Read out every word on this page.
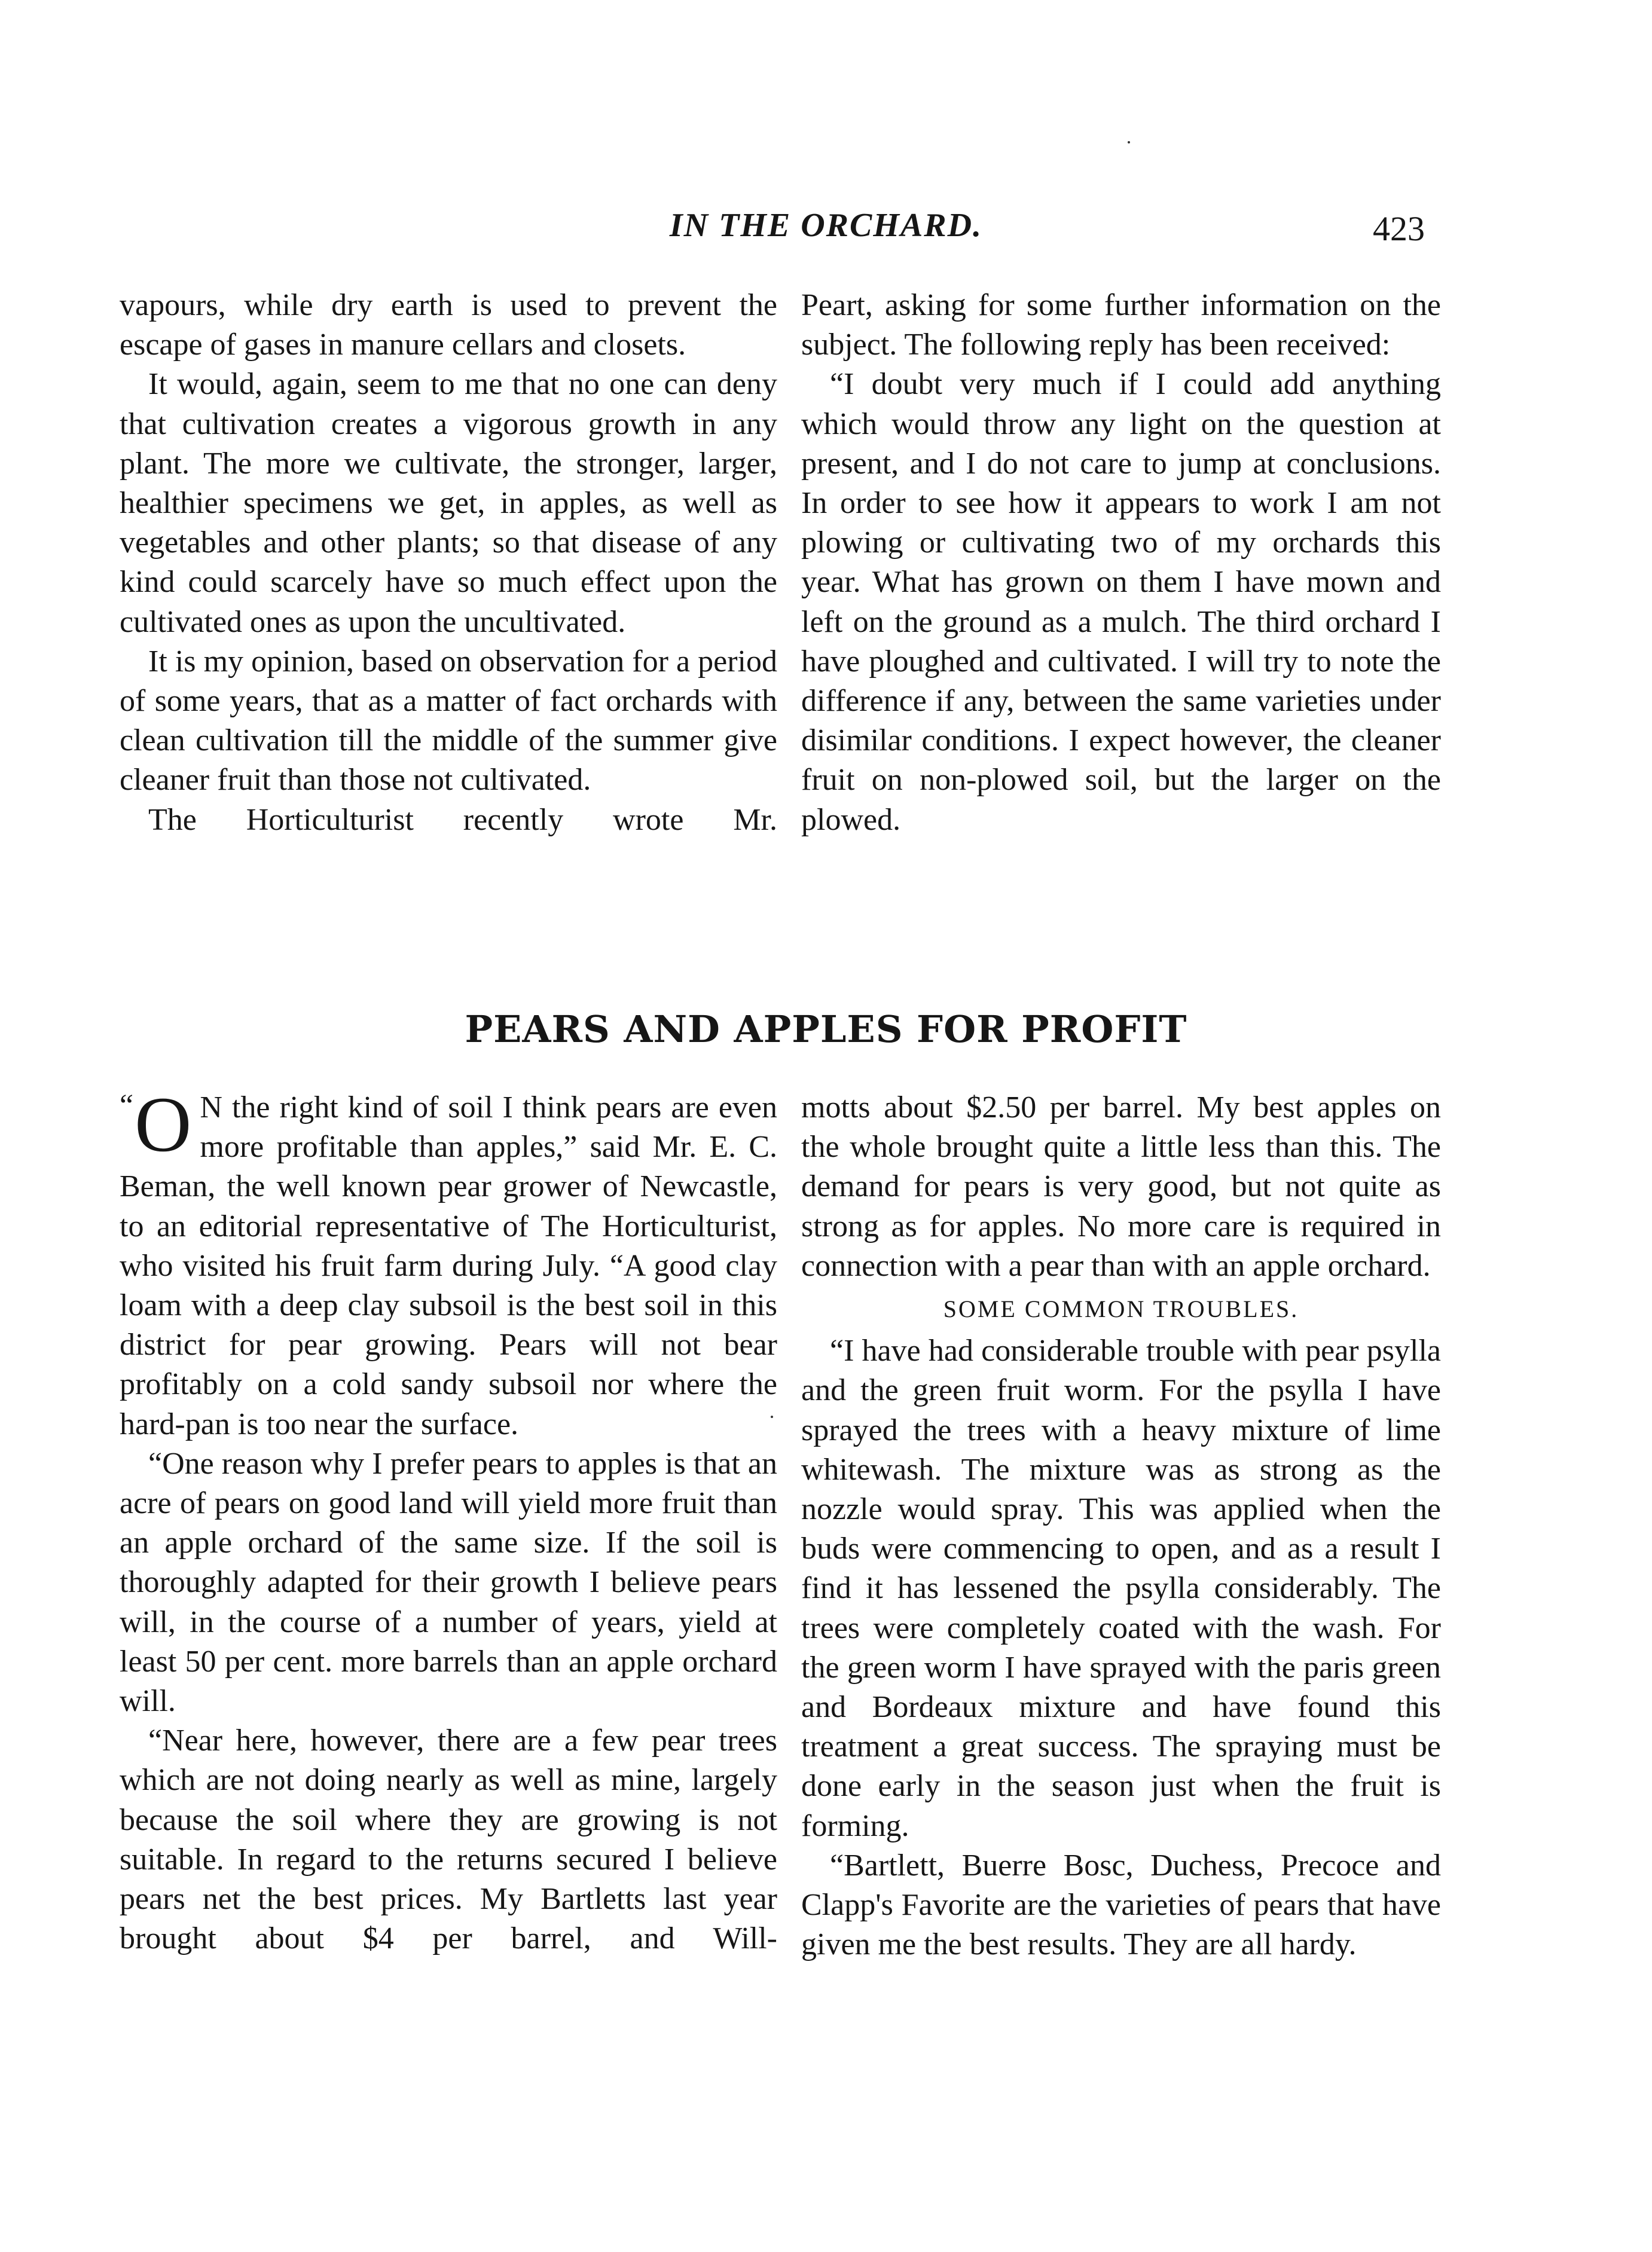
IN THE ORCHARD.	423

vapours, while dry earth is used to prevent the escape of gases in manure cellars and closets.

It would, again, seem to me that no one can deny that cultivation creates a vigorous growth in any plant. The more we cultivate, the stronger, larger, healthier specimens we get, in apples, as well as vegetables and other plants; so that disease of any kind could scarcely have so much effect upon the cultivated ones as upon the uncultivated.

It is my opinion, based on observation for a period of some years, that as a matter of fact orchards with clean cultivation till the middle of the summer give cleaner fruit than those not cultivated.

The Horticulturist recently wrote Mr.

Peart, asking for some further information on the subject. The following reply has been received:

“I doubt very much if I could add anything which would throw any light on the question at present, and I do not care to jump at conclusions. In order to see how it appears to work I am not plowing or cultivating two of my orchards this year. What has grown on them I have mown and left on the ground as a mulch. The third orchard I have ploughed and cultivated. I will try to note the difference if any, between the same varieties under disimilar conditions. I expect however, the cleaner fruit on non-plowed soil, but the larger on the plowed.

PEARS AND APPLES FOR PROFIT

“ O N the right kind of soil I think pears are even more profitable than apples,” said Mr. E. C. Beman, the well known pear grower of Newcastle, to an editorial representative of The Horticulturist, who visited his fruit farm during July. “A good clay loam with a deep clay subsoil is the best soil in this district for pear growing. Pears will not bear profitably on a cold sandy subsoil nor where the hard-pan is too near the surface.

“One reason why I prefer pears to apples is that an acre of pears on good land will yield more fruit than an apple orchard of the same size. If the soil is thoroughly adapted for their growth I believe pears will, in the course of a number of years, yield at least 50 per cent. more barrels than an apple orchard will.

“Near here, however, there are a few pear trees which are not doing nearly as well as mine, largely because the soil where they are growing is not suitable. In regard to the returns secured I believe pears net the best prices. My Bartletts last year brought about $4 per barrel, and Will-

motts about $2.50 per barrel. My best apples on the whole brought quite a little less than this. The demand for pears is very good, but not quite as strong as for apples. No more care is required in connection with a pear than with an apple orchard.

SOME COMMON TROUBLES.

“I have had considerable trouble with pear psylla and the green fruit worm. For the psylla I have sprayed the trees with a heavy mixture of lime whitewash. The mixture was as strong as the nozzle would spray. This was applied when the buds were commencing to open, and as a result I find it has lessened the psylla considerably. The trees were completely coated with the wash. For the green worm I have sprayed with the paris green and Bordeaux mixture and have found this treatment a great success. The spraying must be done early in the season just when the fruit is forming.

“Bartlett, Buerre Bosc, Duchess, Precoce and Clapp's Favorite are the varieties of pears that have given me the best results. They are all hardy.
